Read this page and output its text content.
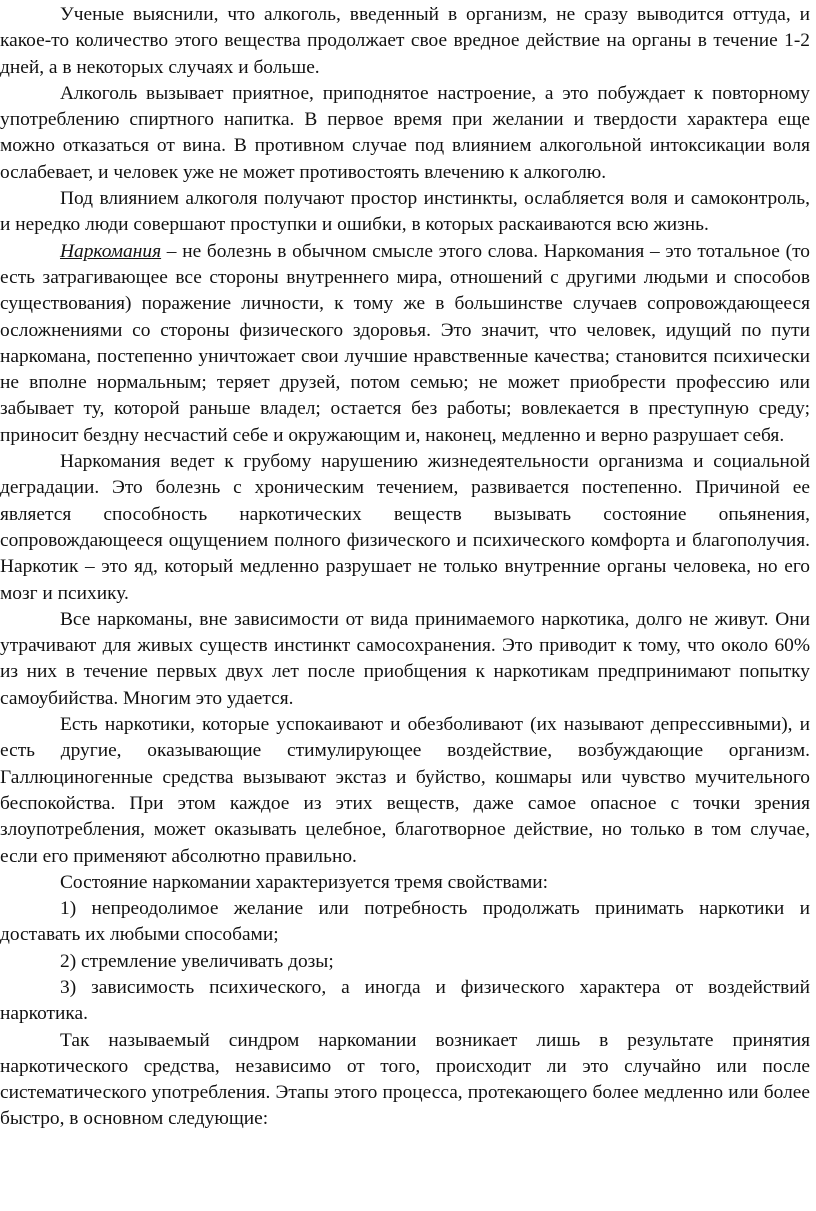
Ученые выяснили, что алкоголь, введенный в организм, не сразу выводится оттуда, и какое-то количество этого вещества продолжает свое вредное действие на органы в течение 1-2 дней, а в некоторых случаях и больше.

Алкоголь вызывает приятное, приподнятое настроение, а это побуждает к повторному употреблению спиртного напитка. В первое время при желании и твердости характера еще можно отказаться от вина. В противном случае под влиянием алкогольной интоксикации воля ослабевает, и человек уже не может противостоять влечению к алкоголю.

Под влиянием алкоголя получают простор инстинкты, ослабляется воля и самоконтроль, и нередко люди совершают проступки и ошибки, в которых раскаиваются всю жизнь.

Наркомания – не болезнь в обычном смысле этого слова. Наркомания – это тотальное (то есть затрагивающее все стороны внутреннего мира, отношений с другими людьми и способов существования) поражение личности, к тому же в большинстве случаев сопровождающееся осложнениями со стороны физического здоровья. Это значит, что человек, идущий по пути наркомана, постепенно уничтожает свои лучшие нравственные качества; становится психически не вполне нормальным; теряет друзей, потом семью; не может приобрести профессию или забывает ту, которой раньше владел; остается без работы; вовлекается в преступную среду; приносит бездну несчастий себе и окружающим и, наконец, медленно и верно разрушает себя.

Наркомания ведет к грубому нарушению жизнедеятельности организма и социальной деградации. Это болезнь с хроническим течением, развивается постепенно. Причиной ее является способность наркотических веществ вызывать состояние опьянения, сопровождающееся ощущением полного физического и психического комфорта и благополучия. Наркотик – это яд, который медленно разрушает не только внутренние органы человека, но его мозг и психику.

Все наркоманы, вне зависимости от вида принимаемого наркотика, долго не живут. Они утрачивают для живых существ инстинкт самосохранения. Это приводит к тому, что около 60% из них в течение первых двух лет после приобщения к наркотикам предпринимают попытку самоубийства. Многим это удается.

Есть наркотики, которые успокаивают и обезболивают (их называют депрессивными), и есть другие, оказывающие стимулирующее воздействие, возбуждающие организм. Галлюциногенные средства вызывают экстаз и буйство, кошмары или чувство мучительного беспокойства. При этом каждое из этих веществ, даже самое опасное с точки зрения злоупотребления, может оказывать целебное, благотворное действие, но только в том случае, если его применяют абсолютно правильно.

Состояние наркомании характеризуется тремя свойствами:

1) непреодолимое желание или потребность продолжать принимать наркотики и доставать их любыми способами;

2) стремление увеличивать дозы;

3) зависимость психического, а иногда и физического характера от воздействий наркотика.

Так называемый синдром наркомании возникает лишь в результате принятия наркотического средства, независимо от того, происходит ли это случайно или после систематического употребления. Этапы этого процесса, протекающего более медленно или более быстро, в основном следующие:
